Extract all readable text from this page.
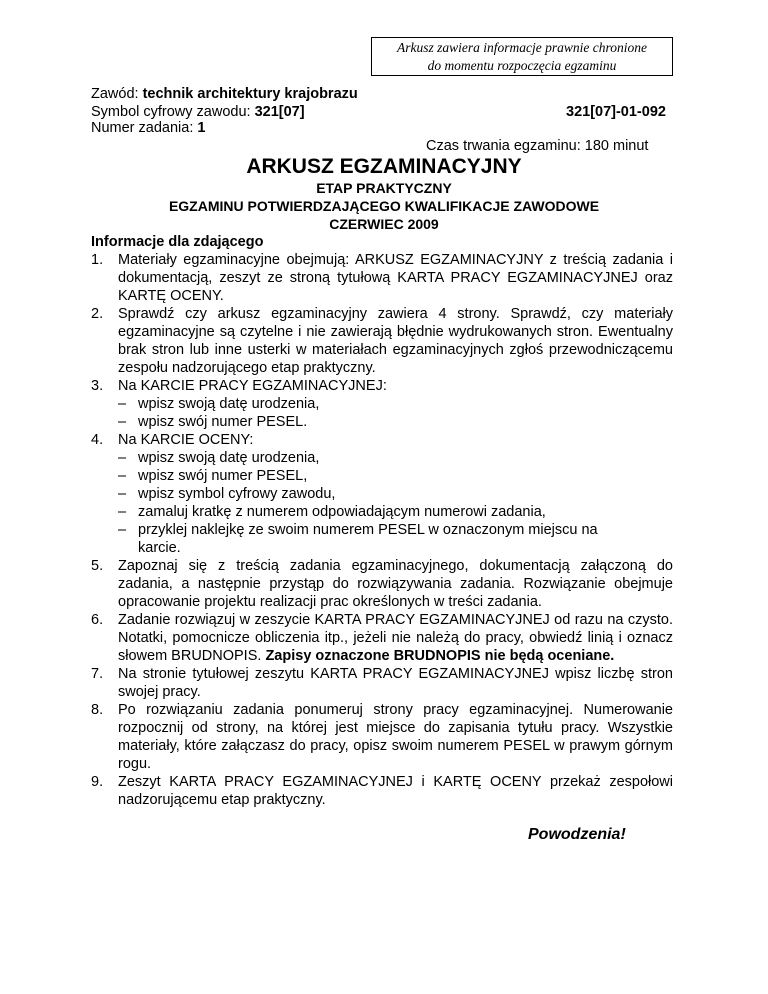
Arkusz zawiera informacje prawnie chronione
do momentu rozpoczęcia egzaminu
Zawód: technik architektury krajobrazu
Symbol cyfrowy zawodu: 321[07]	321[07]-01-092
Numer zadania: 1
Czas trwania egzaminu: 180 minut
ARKUSZ EGZAMINACYJNY
ETAP PRAKTYCZNY
EGZAMINU POTWIERDZAJĄCEGO KWALIFIKACJE ZAWODOWE
CZERWIEC 2009
Informacje dla zdającego
1.	Materiały egzaminacyjne obejmują: ARKUSZ EGZAMINACYJNY z treścią zadania i dokumentacją, zeszyt ze stroną tytułową KARTA PRACY EGZAMINACYJNEJ oraz KARTĘ OCENY.
2.	Sprawdź czy arkusz egzaminacyjny zawiera 4 strony. Sprawdź, czy materiały egzaminacyjne są czytelne i nie zawierają błędnie wydrukowanych stron. Ewentualny brak stron lub inne usterki w materiałach egzaminacyjnych zgłoś przewodniczącemu zespołu nadzorującego etap praktyczny.
3.	Na KARCIE PRACY EGZAMINACYJNEJ:
– wpisz swoją datę urodzenia,
– wpisz swój numer PESEL.
4.	Na KARCIE OCENY:
– wpisz swoją datę urodzenia,
– wpisz swój numer PESEL,
– wpisz symbol cyfrowy zawodu,
– zamaluj kratkę z numerem odpowiadającym numerowi zadania,
– przyklej naklejkę ze swoim numerem PESEL w oznaczonym miejscu na karcie.
5.	Zapoznaj się z treścią zadania egzaminacyjnego, dokumentacją załączoną do zadania, a następnie przystąp do rozwiązywania zadania. Rozwiązanie obejmuje opracowanie projektu realizacji prac określonych w treści zadania.
6.	Zadanie rozwiązuj w zeszycie KARTA PRACY EGZAMINACYJNEJ od razu na czysto. Notatki, pomocnicze obliczenia itp., jeżeli nie należą do pracy, obwiedź linią i oznacz słowem BRUDNOPIS. Zapisy oznaczone BRUDNOPIS nie będą oceniane.
7.	Na stronie tytułowej zeszytu KARTA PRACY EGZAMINACYJNEJ wpisz liczbę stron swojej pracy.
8.	Po rozwiązaniu zadania ponumeruj strony pracy egzaminacyjnej. Numerowanie rozpocznij od strony, na której jest miejsce do zapisania tytułu pracy. Wszystkie materiały, które załączasz do pracy, opisz swoim numerem PESEL w prawym górnym rogu.
9.	Zeszyt KARTA PRACY EGZAMINACYJNEJ i KARTĘ OCENY przekaż zespołowi nadzorującemu etap praktyczny.
Powodzenia!
